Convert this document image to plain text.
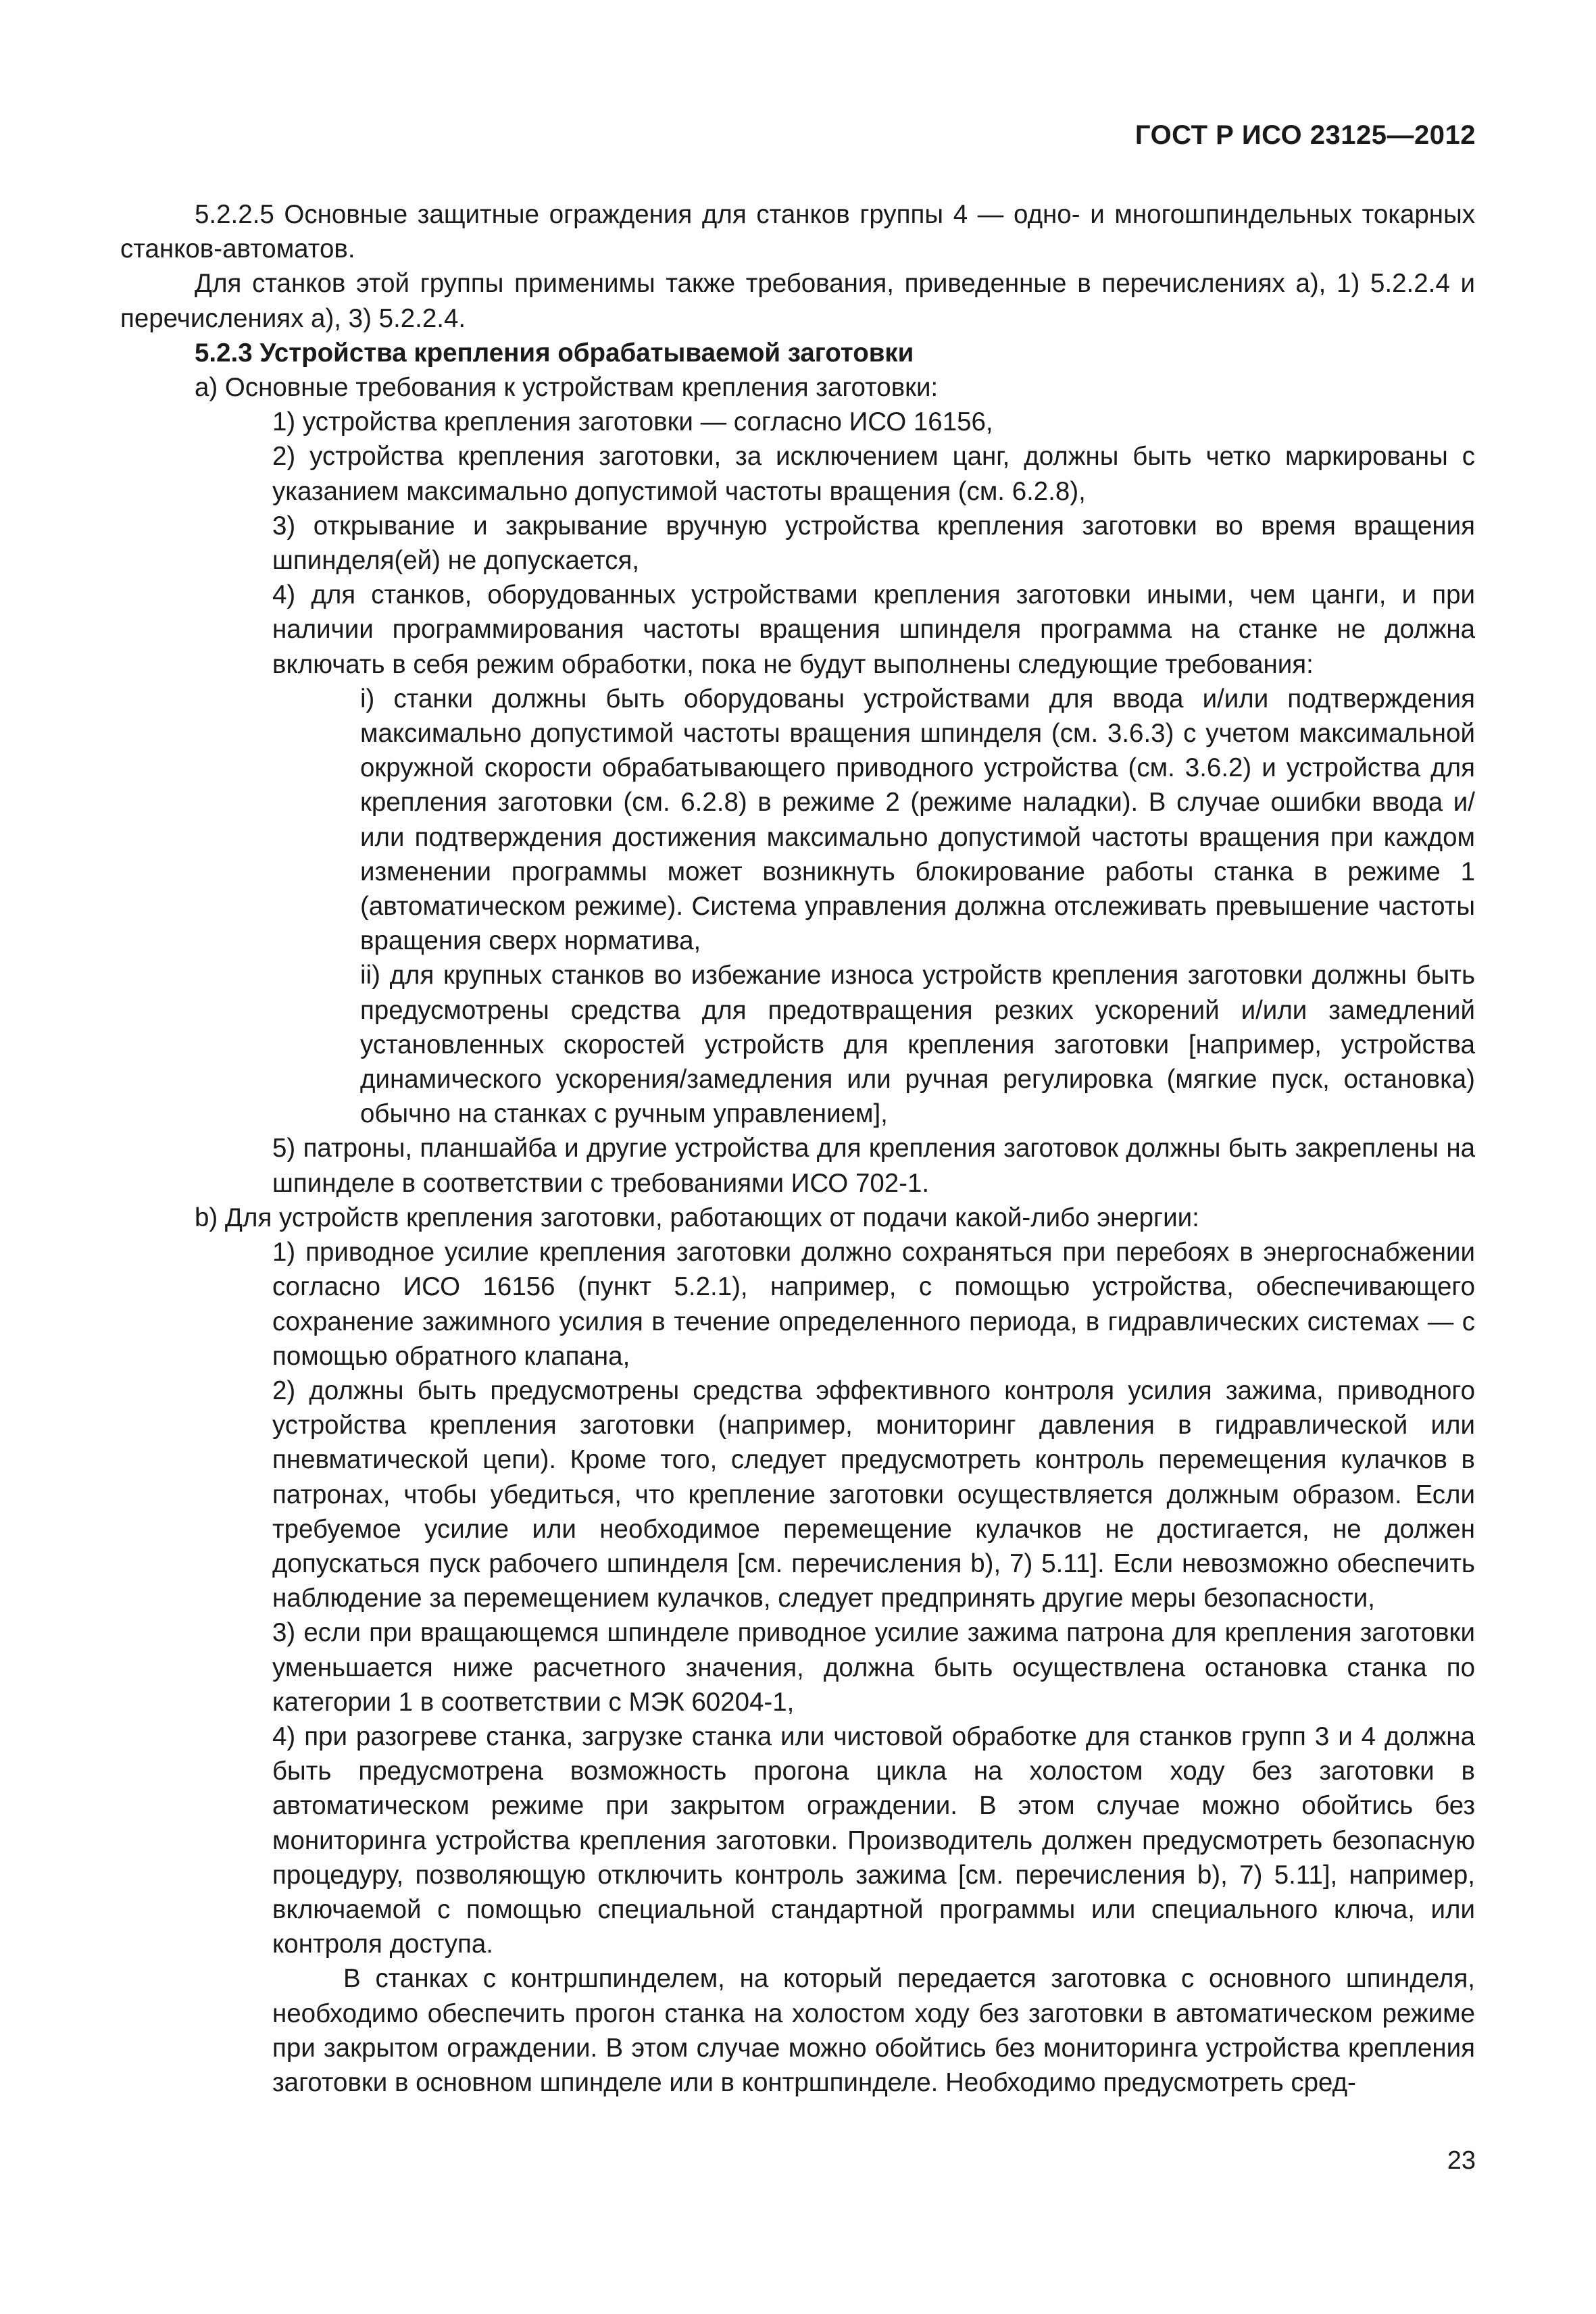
ГОСТ Р ИСО 23125—2012

5.2.2.5 Основные защитные ограждения для станков группы 4 — одно- и многошпиндельных токарных станков-автоматов.

Для станков этой группы применимы также требования, приведенные в перечислениях а), 1) 5.2.2.4 и перечислениях а), 3) 5.2.2.4.

5.2.3 Устройства крепления обрабатываемой заготовки

а) Основные требования к устройствам крепления заготовки:

1) устройства крепления заготовки — согласно ИСО 16156,

2) устройства крепления заготовки, за исключением цанг, должны быть четко маркированы с указанием максимально допустимой частоты вращения (см. 6.2.8),

3) открывание и закрывание вручную устройства крепления заготовки во время вращения шпинделя(ей) не допускается,

4) для станков, оборудованных устройствами крепления заготовки иными, чем цанги, и при наличии программирования частоты вращения шпинделя программа на станке не должна включать в себя режим обработки, пока не будут выполнены следующие требования:

i) станки должны быть оборудованы устройствами для ввода и/или подтверждения максимально допустимой частоты вращения шпинделя (см. 3.6.3) с учетом максимальной окружной скорости обрабатывающего приводного устройства (см. 3.6.2) и устройства для крепления заготовки (см. 6.2.8) в режиме 2 (режиме наладки). В случае ошибки ввода и/или подтверждения достижения максимально допустимой частоты вращения при каждом изменении программы может возникнуть блокирование работы станка в режиме 1 (автоматическом режиме). Система управления должна отслеживать превышение частоты вращения сверх норматива,

ii) для крупных станков во избежание износа устройств крепления заготовки должны быть предусмотрены средства для предотвращения резких ускорений и/или замедлений установленных скоростей устройств для крепления заготовки [например, устройства динамического ускорения/замедления или ручная регулировка (мягкие пуск, остановка) обычно на станках с ручным управлением],

5) патроны, планшайба и другие устройства для крепления заготовок должны быть закреплены на шпинделе в соответствии с требованиями ИСО 702-1.

b) Для устройств крепления заготовки, работающих от подачи какой-либо энергии:

1) приводное усилие крепления заготовки должно сохраняться при перебоях в энергоснабжении согласно ИСО 16156 (пункт 5.2.1), например, с помощью устройства, обеспечивающего сохранение зажимного усилия в течение определенного периода, в гидравлических системах — с помощью обратного клапана,

2) должны быть предусмотрены средства эффективного контроля усилия зажима, приводного устройства крепления заготовки (например, мониторинг давления в гидравлической или пневматической цепи). Кроме того, следует предусмотреть контроль перемещения кулачков в патронах, чтобы убедиться, что крепление заготовки осуществляется должным образом. Если требуемое усилие или необходимое перемещение кулачков не достигается, не должен допускаться пуск рабочего шпинделя [см. перечисления b), 7) 5.11]. Если невозможно обеспечить наблюдение за перемещением кулачков, следует предпринять другие меры безопасности,

3) если при вращающемся шпинделе приводное усилие зажима патрона для крепления заготовки уменьшается ниже расчетного значения, должна быть осуществлена остановка станка по категории 1 в соответствии с МЭК 60204-1,

4) при разогреве станка, загрузке станка или чистовой обработке для станков групп 3 и 4 должна быть предусмотрена возможность прогона цикла на холостом ходу без заготовки в автоматическом режиме при закрытом ограждении. В этом случае можно обойтись без мониторинга устройства крепления заготовки. Производитель должен предусмотреть безопасную процедуру, позволяющую отключить контроль зажима [см. перечисления b), 7) 5.11], например, включаемой с помощью специальной стандартной программы или специального ключа, или контроля доступа.

В станках с контршпинделем, на который передается заготовка с основного шпинделя, необходимо обеспечить прогон станка на холостом ходу без заготовки в автоматическом режиме при закрытом ограждении. В этом случае можно обойтись без мониторинга устройства крепления заготовки в основном шпинделе или в контршпинделе. Необходимо предусмотреть сред-

23
